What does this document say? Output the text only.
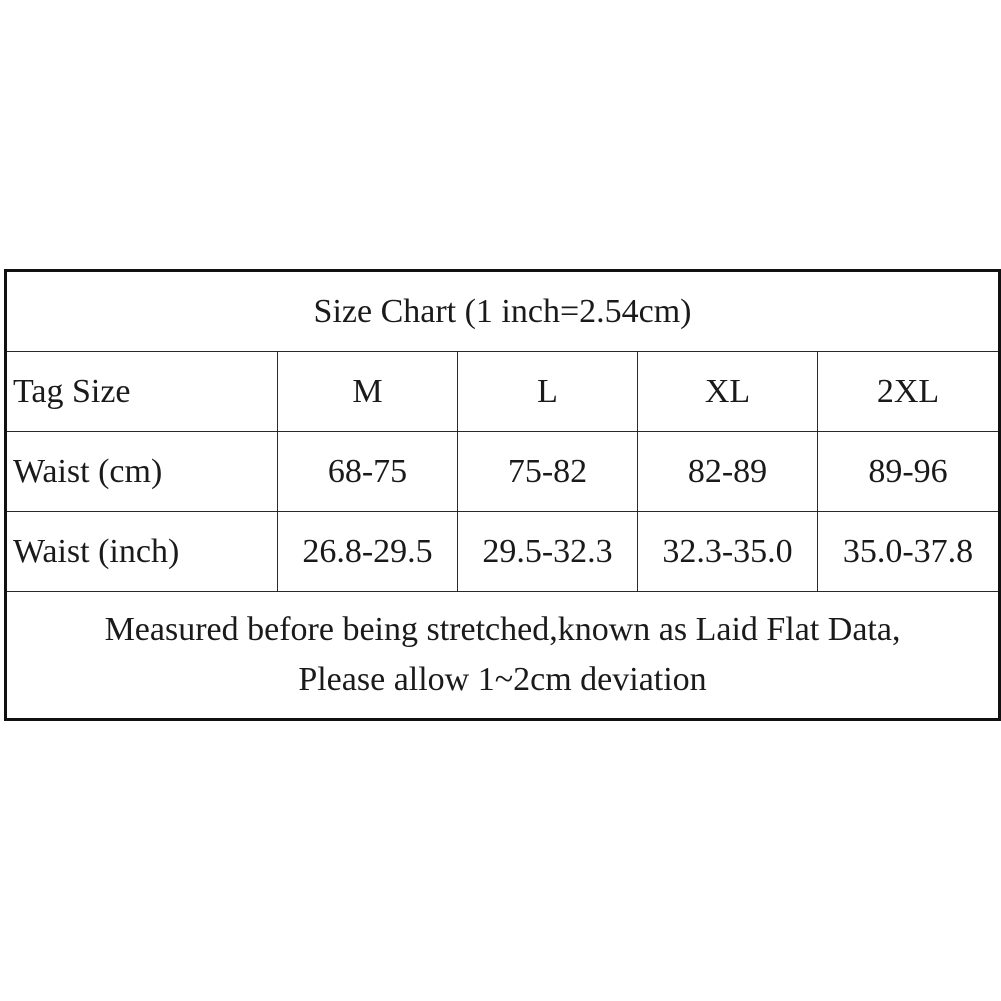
Size Chart (1 inch=2.54cm)				
Tag Size	M	L	XL	2XL
Waist (cm)	68-75	75-82	82-89	89-96
Waist (inch)	26.8-29.5	29.5-32.3	32.3-35.0	35.0-37.8

Measured before being stretched,known as Laid Flat Data,
Please allow 1~2cm deviation				
